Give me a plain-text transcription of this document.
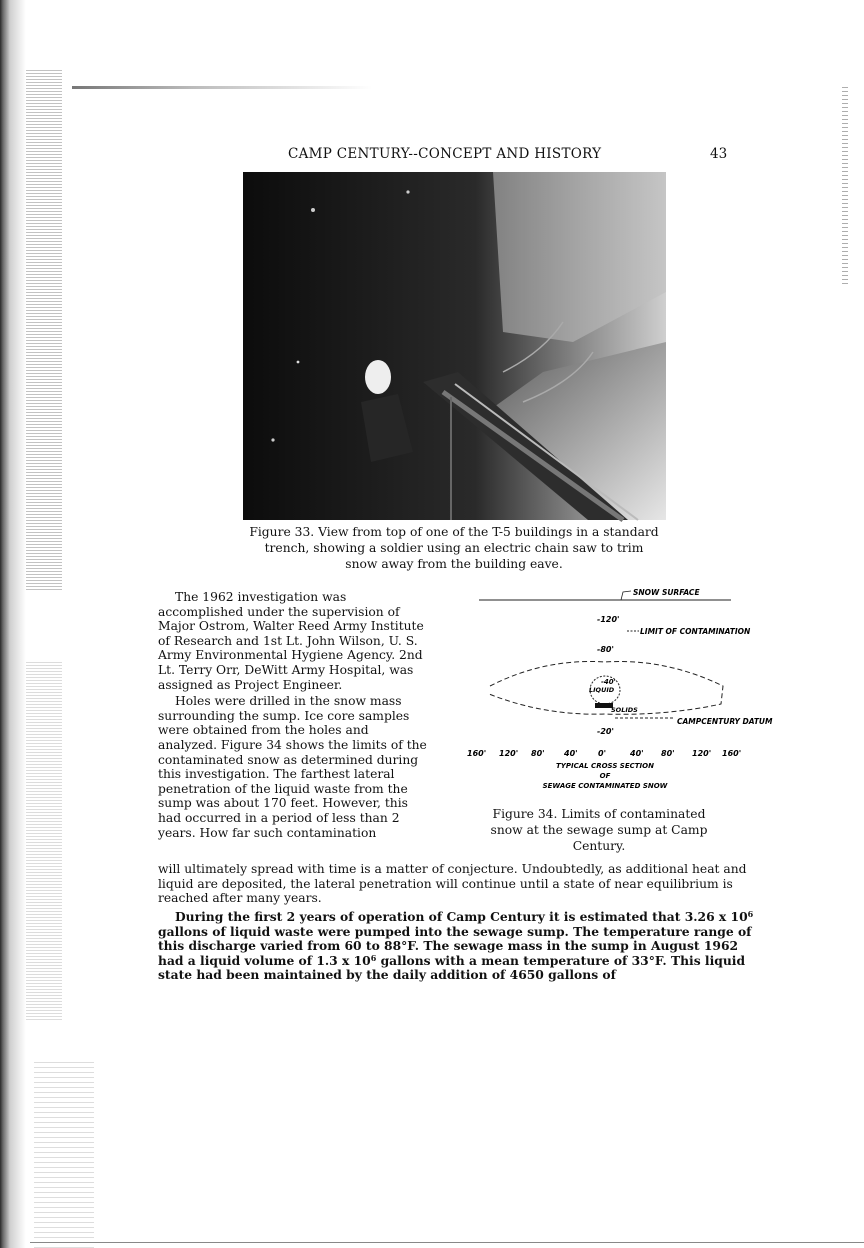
CAMP CENTURY--CONCEPT AND HISTORY	43
Figure 33. View from top of one of the T-5 buildings in a standard trench, showing a soldier using an electric chain saw to trim snow away from the building eave.

The 1962 investigation was accomplished under the supervision of Major Ostrom, Walter Reed Army Institute of Research and 1st Lt. John Wilson, U. S. Army Environmental Hygiene Agency. 2nd Lt. Terry Orr, DeWitt Army Hospital, was assigned as Project Engineer.

Holes were drilled in the snow mass surrounding the sump. Ice core samples were obtained from the holes and analyzed. Figure 34 shows the limits of the contaminated snow as determined during this investigation. The farthest lateral penetration of the liquid waste from the sump was about 170 feet. However, this had occurred in a period of less than 2 years. How far such contamination

SNOW SURFACE
-120'
LIMIT OF CONTAMINATION
-80'
-40'
LIQUID
SOLIDS
CAMPCENTURY DATUM
-20'
160' 120' 80' 40'	0'	40' 80' 120' 160'
TYPICAL CROSS SECTION
OF
SEWAGE CONTAMINATED SNOW
Figure 34. Limits of contaminated snow at the sewage sump at Camp Century.

will ultimately spread with time is a matter of conjecture. Undoubtedly, as additional heat and liquid are deposited, the lateral penetration will continue until a state of near equilibrium is reached after many years.

During the first 2 years of operation of Camp Century it is estimated that 3.26 x $10^6$ gallons of liquid waste were pumped into the sewage sump. The temperature range of this discharge varied from 60 to 88°F. The sewage mass in the sump in August 1962 had a liquid volume of 1.3 x $10^6$ gallons with a mean temperature of 33°F. This liquid state had been maintained by the daily addition of 4650 gallons of
